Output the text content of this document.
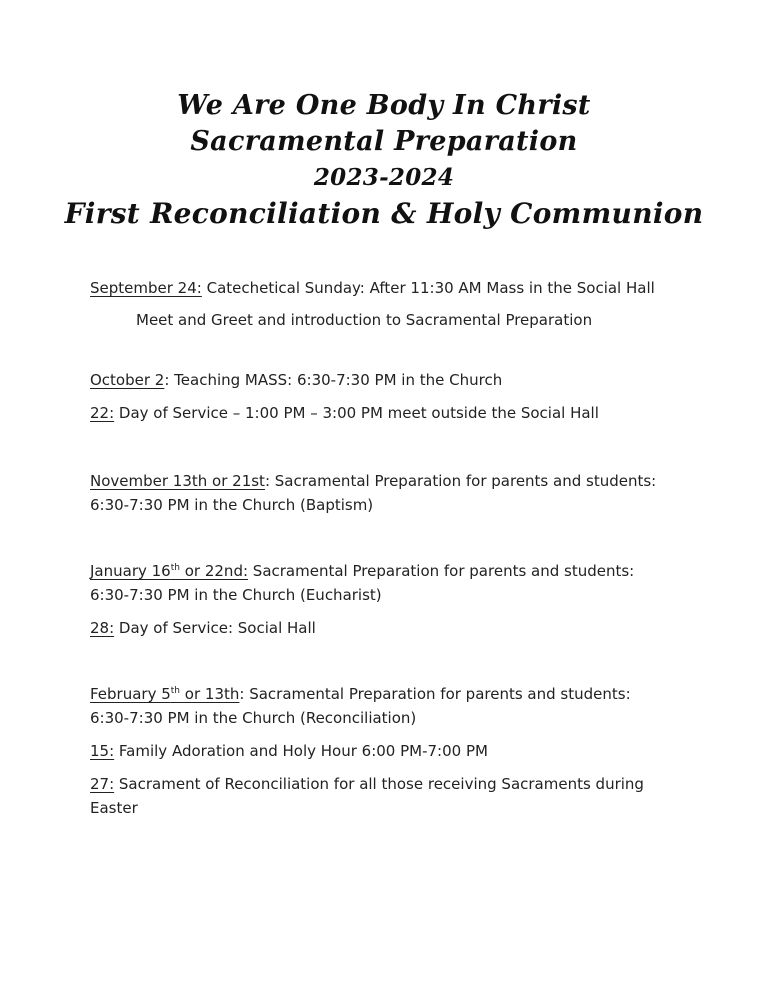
We Are One Body In Christ
Sacramental Preparation
2023-2024
First Reconciliation & Holy Communion
September 24: Catechetical Sunday: After 11:30 AM Mass in the Social Hall
Meet and Greet and introduction to Sacramental Preparation
October 2: Teaching MASS: 6:30-7:30 PM in the Church
22: Day of Service – 1:00 PM – 3:00 PM meet outside the Social Hall
November 13th or 21st: Sacramental Preparation for parents and students:
6:30-7:30 PM in the Church (Baptism)
January 16th or 22nd: Sacramental Preparation for parents and students:
6:30-7:30 PM in the Church (Eucharist)
28: Day of Service: Social Hall
February 5th or 13th: Sacramental Preparation for parents and students:
6:30-7:30 PM in the Church (Reconciliation)
15: Family Adoration and Holy Hour 6:00 PM-7:00 PM
27: Sacrament of Reconciliation for all those receiving Sacraments during
Easter
